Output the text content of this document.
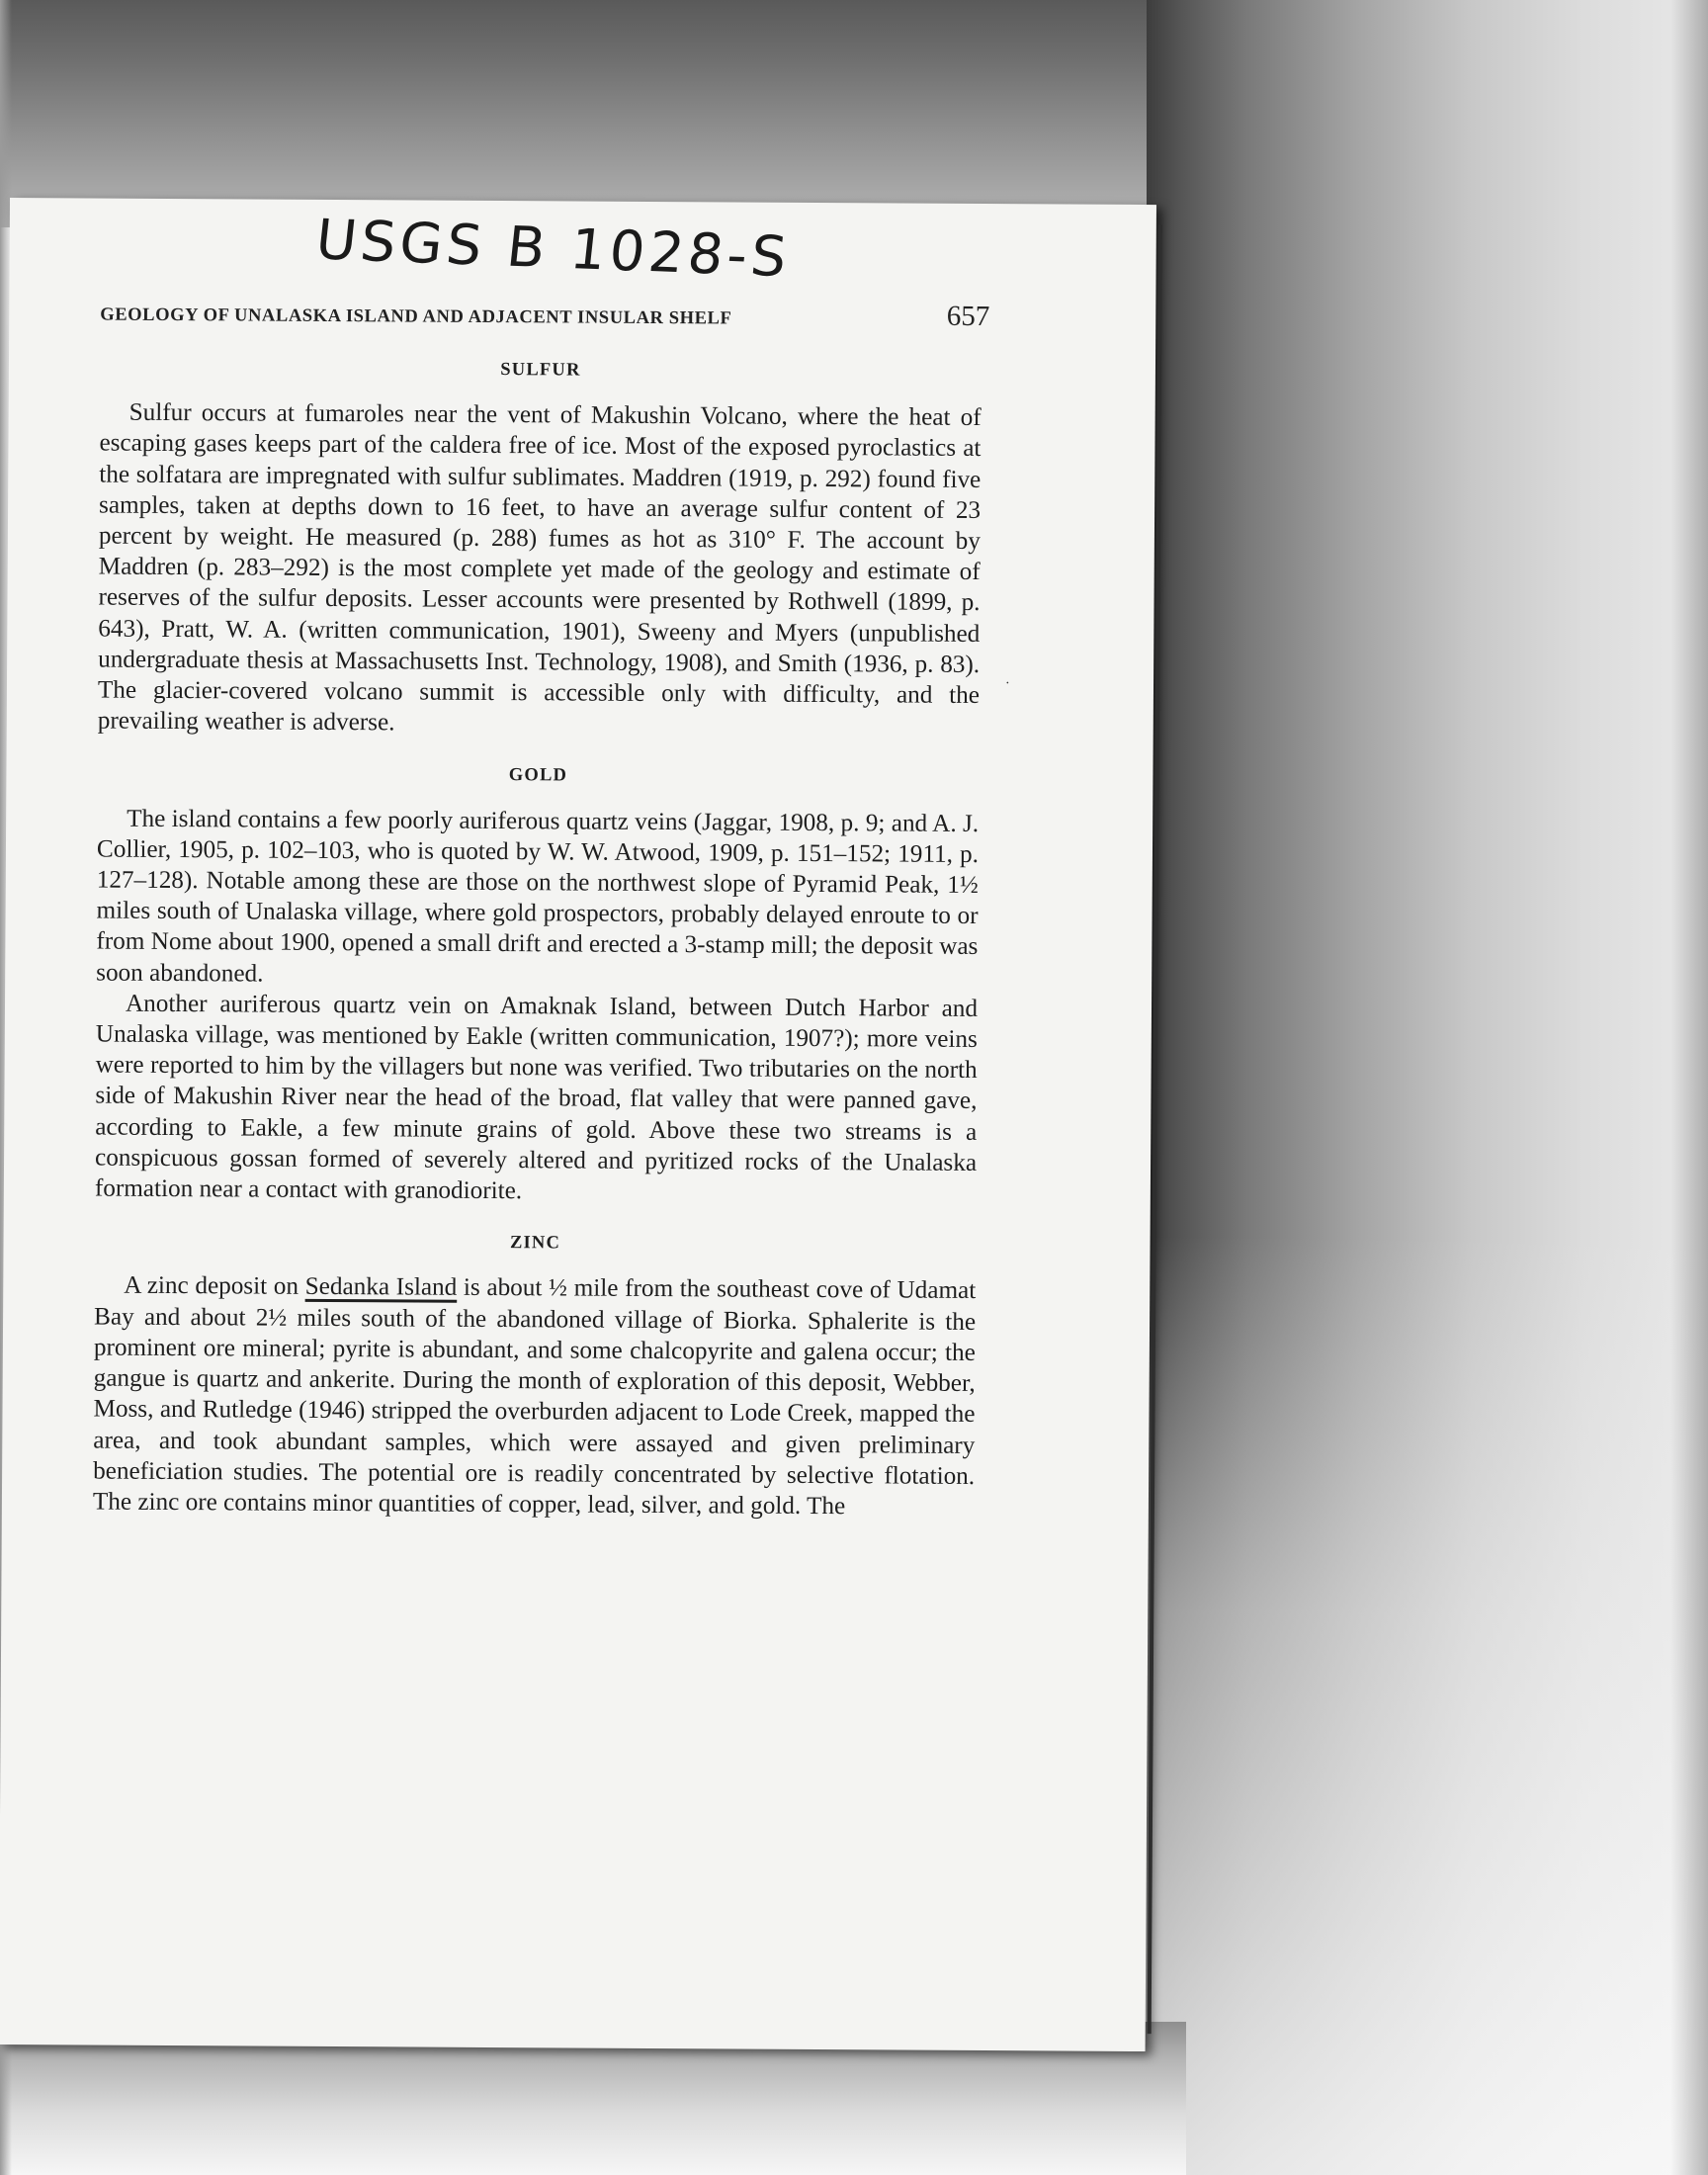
USGS B 1028-S
GEOLOGY OF UNALASKA ISLAND AND ADJACENT INSULAR SHELF	657
·
SULFUR

Sulfur occurs at fumaroles near the vent of Makushin Volcano, where the heat of escaping gases keeps part of the caldera free of ice. Most of the exposed pyroclastics at the solfatara are impregnated with sulfur sublimates. Maddren (1919, p. 292) found five samples, taken at depths down to 16 feet, to have an average sulfur content of 23 percent by weight. He measured (p. 288) fumes as hot as 310° F. The account by Maddren (p. 283–292) is the most complete yet made of the geology and estimate of reserves of the sulfur deposits. Lesser accounts were presented by Rothwell (1899, p. 643), Pratt, W. A. (written communication, 1901), Sweeny and Myers (unpublished undergraduate thesis at Massachusetts Inst. Technology, 1908), and Smith (1936, p. 83). The glacier-covered volcano summit is accessible only with difficulty, and the prevailing weather is adverse.

GOLD

The island contains a few poorly auriferous quartz veins (Jaggar, 1908, p. 9; and A. J. Collier, 1905, p. 102–103, who is quoted by W. W. Atwood, 1909, p. 151–152; 1911, p. 127–128). Notable among these are those on the northwest slope of Pyramid Peak, 1½ miles south of Unalaska village, where gold prospectors, probably delayed enroute to or from Nome about 1900, opened a small drift and erected a 3-stamp mill; the deposit was soon abandoned.

Another auriferous quartz vein on Amaknak Island, between Dutch Harbor and Unalaska village, was mentioned by Eakle (written communication, 1907?); more veins were reported to him by the villagers but none was verified. Two tributaries on the north side of Makushin River near the head of the broad, flat valley that were panned gave, according to Eakle, a few minute grains of gold. Above these two streams is a conspicuous gossan formed of severely altered and pyritized rocks of the Unalaska formation near a contact with granodiorite.

ZINC

A zinc deposit on Sedanka Island is about ½ mile from the southeast cove of Udamat Bay and about 2½ miles south of the abandoned village of Biorka. Sphalerite is the prominent ore mineral; pyrite is abundant, and some chalcopyrite and galena occur; the gangue is quartz and ankerite. During the month of exploration of this deposit, Webber, Moss, and Rutledge (1946) stripped the overburden adjacent to Lode Creek, mapped the area, and took abundant samples, which were assayed and given preliminary beneficiation studies. The potential ore is readily concentrated by selective flotation. The zinc ore contains minor quantities of copper, lead, silver, and gold. The
